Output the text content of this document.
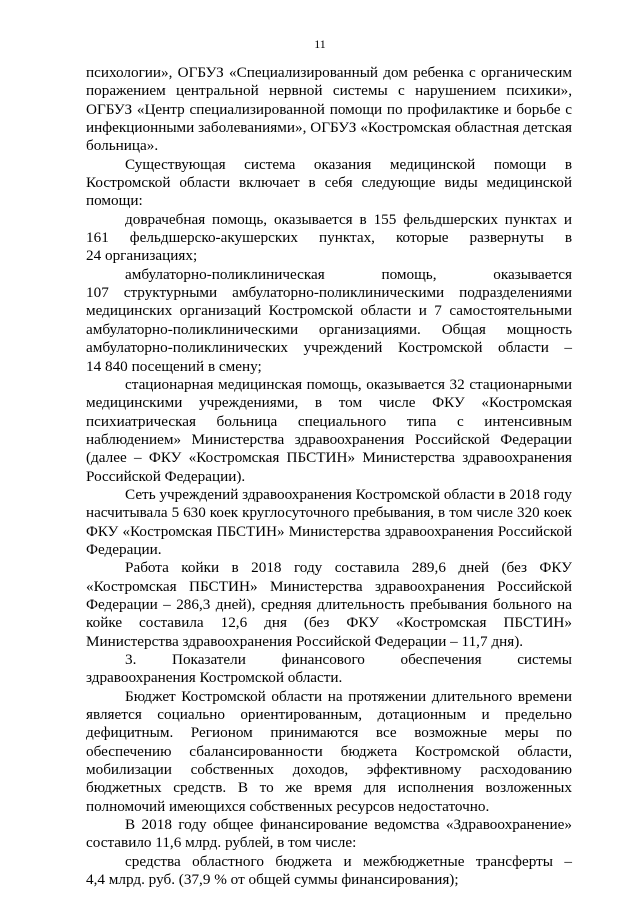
11
психологии», ОГБУЗ «Специализированный дом ребенка с органическим
поражением центральной нервной системы с нарушением психики»,
ОГБУЗ «Центр специализированной помощи по профилактике и борьбе с
инфекционными заболеваниями», ОГБУЗ «Костромская областная детская
больница».
Существующая система оказания медицинской помощи в
Костромской области включает в себя следующие виды медицинской
помощи:
доврачебная помощь, оказывается в 155 фельдшерских пунктах и
161 фельдшерско-акушерских пунктах, которые развернуты в
24 организациях;
амбулаторно-поликлиническая помощь, оказывается
107 структурными амбулаторно-поликлиническими подразделениями
медицинских организаций Костромской области и 7 самостоятельными
амбулаторно-поликлиническими организациями. Общая мощность
амбулаторно-поликлинических учреждений Костромской области –
14 840 посещений в смену;
стационарная медицинская помощь, оказывается 32 стационарными
медицинскими учреждениями, в том числе ФКУ «Костромская
психиатрическая больница специального типа с интенсивным
наблюдением» Министерства здравоохранения Российской Федерации
(далее – ФКУ «Костромская ПБСТИН» Министерства здравоохранения
Российской Федерации).
Сеть учреждений здравоохранения Костромской области в 2018 году
насчитывала 5 630 коек круглосуточного пребывания, в том числе 320 коек
ФКУ «Костромская ПБСТИН» Министерства здравоохранения Российской
Федерации.
Работа койки в 2018 году составила 289,6 дней (без ФКУ
«Костромская ПБСТИН» Министерства здравоохранения Российской
Федерации – 286,3 дней), средняя длительность пребывания больного на
койке составила 12,6 дня (без ФКУ «Костромская ПБСТИН»
Министерства здравоохранения Российской Федерации – 11,7 дня).
3. Показатели финансового обеспечения системы
здравоохранения Костромской области.
Бюджет Костромской области на протяжении длительного времени
является социально ориентированным, дотационным и предельно
дефицитным. Регионом принимаются все возможные меры по
обеспечению сбалансированности бюджета Костромской области,
мобилизации собственных доходов, эффективному расходованию
бюджетных средств. В то же время для исполнения возложенных
полномочий имеющихся собственных ресурсов недостаточно.
В 2018 году общее финансирование ведомства «Здравоохранение»
составило 11,6 млрд. рублей, в том числе:
средства областного бюджета и межбюджетные трансферты –
4,4 млрд. руб. (37,9 % от общей суммы финансирования);
